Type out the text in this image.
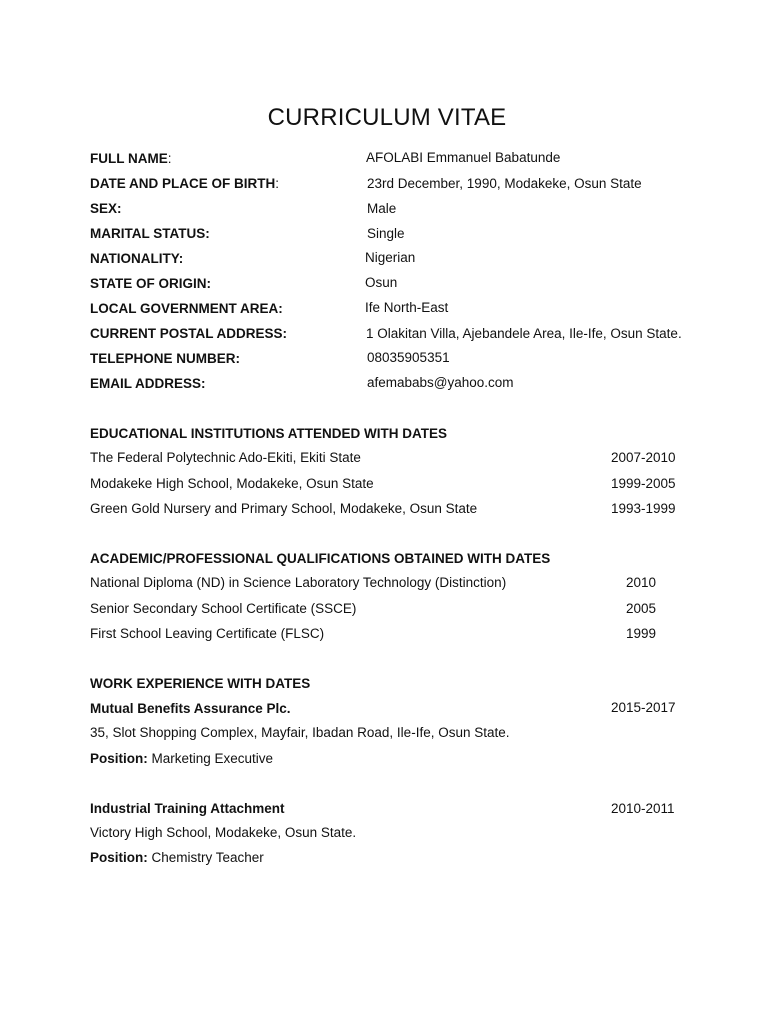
CURRICULUM VITAE
FULL NAME:	AFOLABI Emmanuel Babatunde
DATE AND PLACE OF BIRTH:	23rd December, 1990, Modakeke, Osun State
SEX:	Male
MARITAL STATUS:	Single
NATIONALITY:	Nigerian
STATE OF ORIGIN:	Osun
LOCAL GOVERNMENT AREA:	Ife North-East
CURRENT POSTAL ADDRESS:	1 Olakitan Villa, Ajebandele Area, Ile-Ife, Osun State.
TELEPHONE NUMBER:	08035905351
EMAIL ADDRESS:	afemababs@yahoo.com
EDUCATIONAL INSTITUTIONS ATTENDED WITH DATES
The Federal Polytechnic Ado-Ekiti, Ekiti State	2007-2010
Modakeke High School, Modakeke, Osun State	1999-2005
Green Gold Nursery and Primary School, Modakeke, Osun State	1993-1999
ACADEMIC/PROFESSIONAL QUALIFICATIONS OBTAINED WITH DATES
National Diploma (ND) in Science Laboratory Technology (Distinction)	2010
Senior Secondary School Certificate (SSCE)	2005
First School Leaving Certificate (FLSC)	1999
WORK EXPERIENCE WITH DATES
Mutual Benefits Assurance Plc.	2015-2017
35, Slot Shopping Complex, Mayfair, Ibadan Road, Ile-Ife, Osun State.
Position: Marketing Executive
Industrial Training Attachment	2010-2011
Victory High School, Modakeke, Osun State.
Position: Chemistry Teacher
